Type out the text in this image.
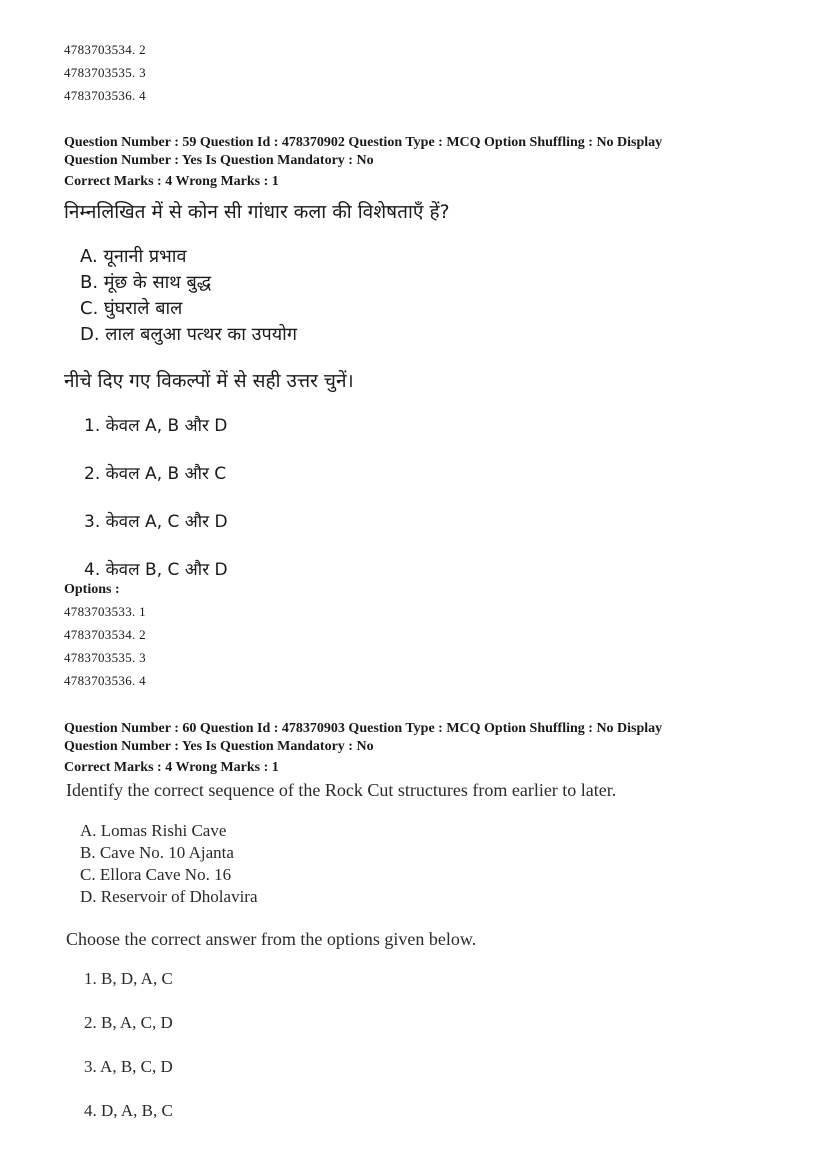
4783703534. 2
4783703535. 3
4783703536. 4
Question Number : 59 Question Id : 478370902 Question Type : MCQ Option Shuffling : No Display
Question Number : Yes Is Question Mandatory : No
Correct Marks : 4 Wrong Marks : 1
निम्नलिखित में से कोन सी गांधार कला की विशेषताएँ हें?
A. यूनानी प्रभाव
B. मूंछ के साथ बुद्ध
C. घुंघराले बाल
D. लाल बलुआ पत्थर का उपयोग
नीचे दिए गए विकल्पों में से सही उत्तर चुनें।
1. केवल A, B और D
2. केवल A, B और C
3. केवल A, C और D
4. केवल B, C और D
Options :
4783703533. 1
4783703534. 2
4783703535. 3
4783703536. 4
Question Number : 60 Question Id : 478370903 Question Type : MCQ Option Shuffling : No Display
Question Number : Yes Is Question Mandatory : No
Correct Marks : 4 Wrong Marks : 1
Identify the correct sequence of the Rock Cut structures from earlier to later.
A. Lomas Rishi Cave
B. Cave No. 10 Ajanta
C. Ellora Cave No. 16
D. Reservoir of Dholavira
Choose the correct answer from the options given below.
1. B, D, A, C
2. B, A, C, D
3. A, B, C, D
4. D, A, B, C
